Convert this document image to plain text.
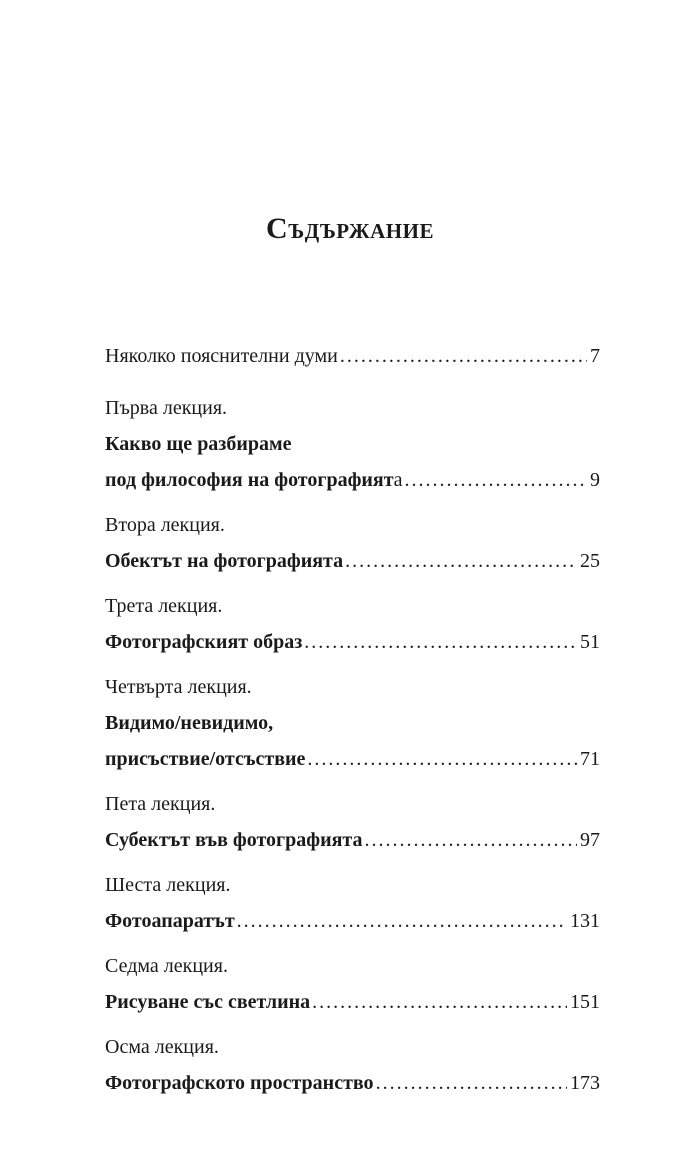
Съдържание
Няколко пояснителни думи . . .	7
Първа лекция.
Какво ще разбираме
под философия на фотографият а . . .	9
Втора лекция.
Обектът на фотографията . . .	25
Трета лекция.
Фотографският образ . . .	51
Четвърта лекция.
Видимо/невидимо,
присъствие/отсъствие . . .	71
Пета лекция.
Субектът във фотографията . . .	97
Шеста лекция.
Фотоапаратът . . .	131
Седма лекция.
Рисуване със светлина . . .	151
Осма лекция.
Фотографското пространство . . .	173
